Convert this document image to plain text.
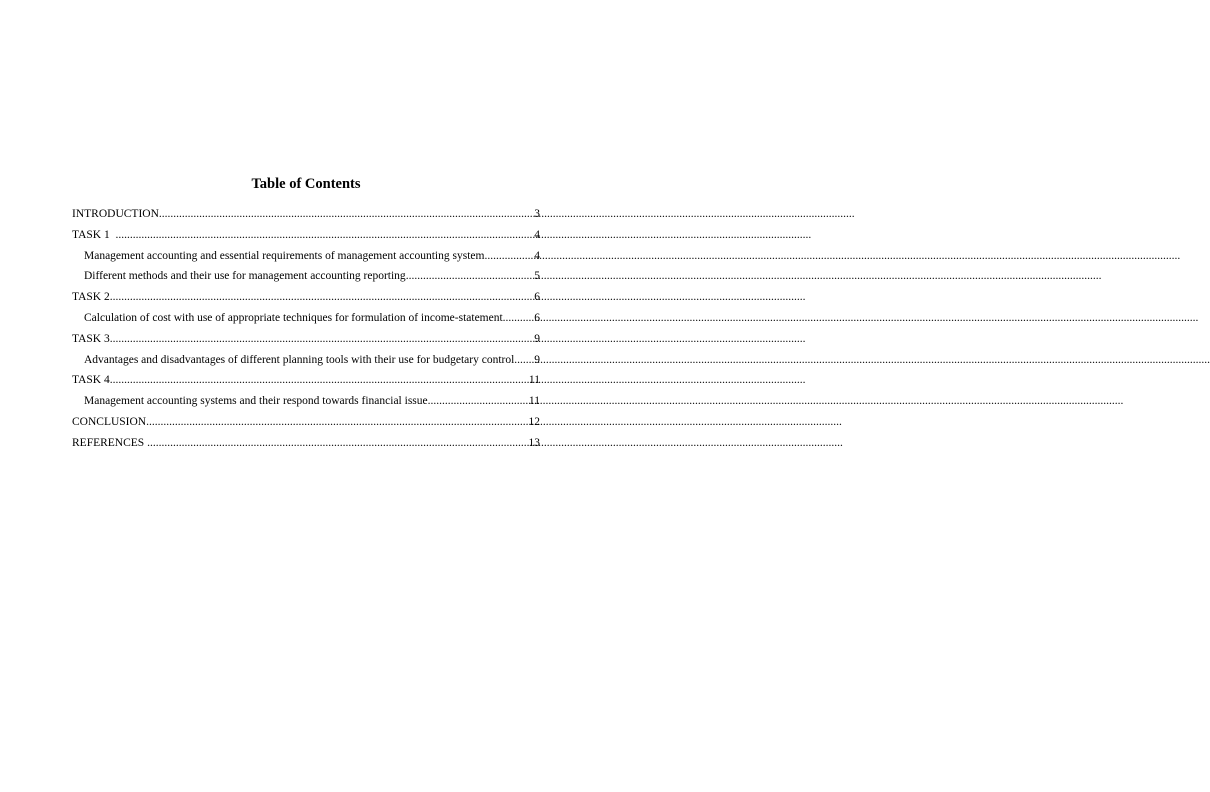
Table of Contents
INTRODUCTION .....	3
TASK 1 .....	4
Management accounting and essential requirements of management accounting system .....	4
Different methods and their use for management accounting reporting .....	5
TASK 2 .....	6
Calculation of cost with use of appropriate techniques for formulation of income-statement .....	6
TASK 3 .....	9
Advantages and disadvantages of different planning tools with their use for budgetary control ..... 9
TASK 4 .....	11
Management accounting systems and their respond towards financial issue .....	11
CONCLUSION .....	12
REFERENCES .....	13
